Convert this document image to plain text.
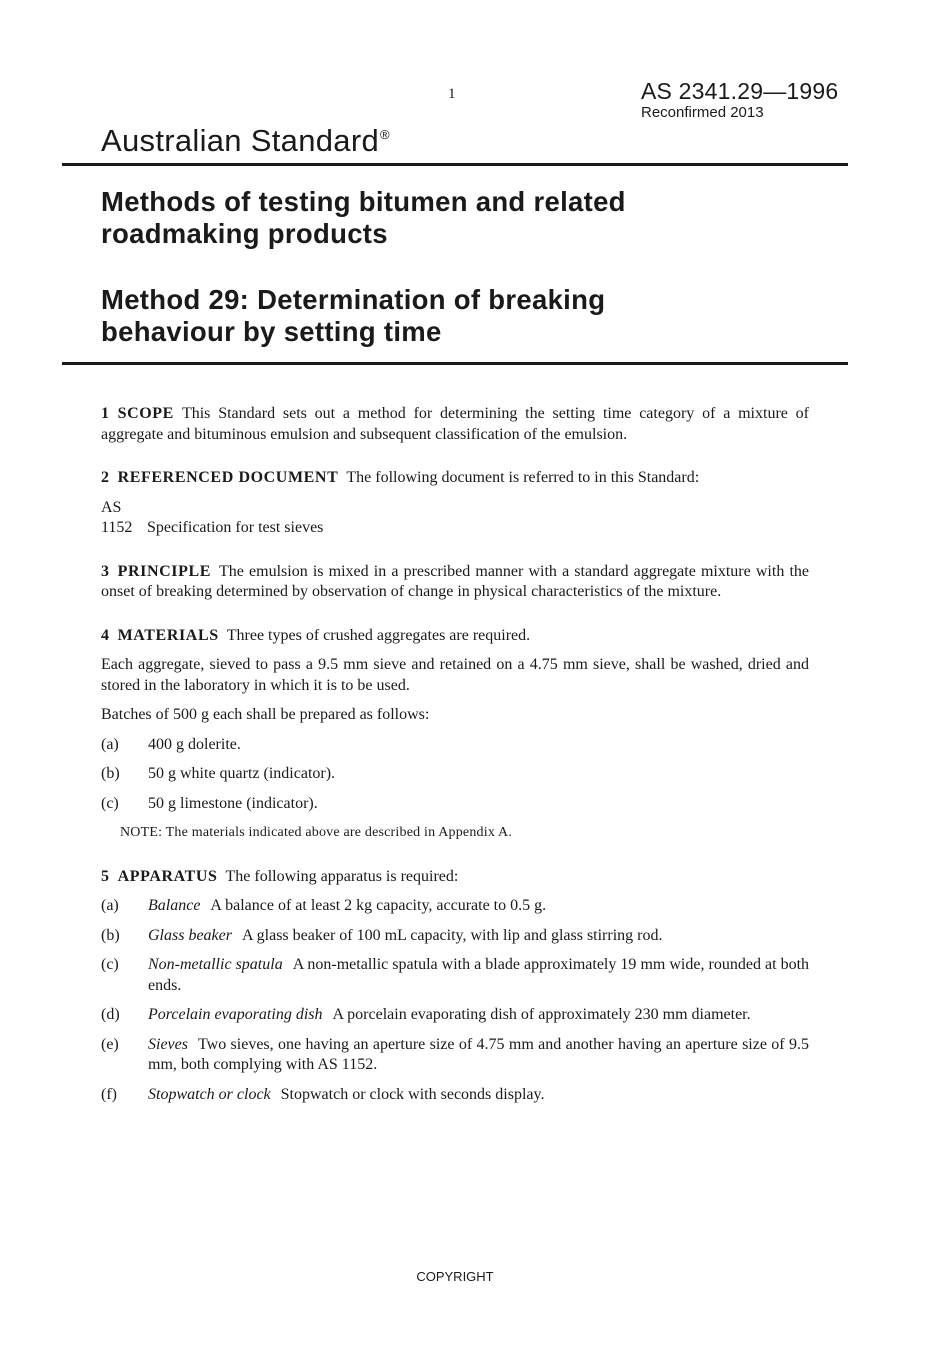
1	AS 2341.29—1996
Reconfirmed 2013
Australian Standard®
Methods of testing bitumen and related
roadmaking products
Method 29: Determination of breaking
behaviour by setting time

1 SCOPE This Standard sets out a method for determining the setting time category of a mixture of aggregate and bituminous emulsion and subsequent classification of the emulsion.

2 REFERENCED DOCUMENT The following document is referred to in this Standard:

AS
1152 Specification for test sieves

3 PRINCIPLE The emulsion is mixed in a prescribed manner with a standard aggregate mixture with the onset of breaking determined by observation of change in physical characteristics of the mixture.

4 MATERIALS Three types of crushed aggregates are required.

Each aggregate, sieved to pass a 9.5 mm sieve and retained on a 4.75 mm sieve, shall be washed, dried and stored in the laboratory in which it is to be used.

Batches of 500 g each shall be prepared as follows:

(a)	400 g dolerite.
(b)	50 g white quartz (indicator).
(c)	50 g limestone (indicator).
NOTE: The materials indicated above are described in Appendix A.

5 APPARATUS The following apparatus is required:

(a)	Balance A balance of at least 2 kg capacity, accurate to 0.5 g.
(b)	Glass beaker A glass beaker of 100 mL capacity, with lip and glass stirring rod.
(c)	Non-metallic spatula A non-metallic spatula with a blade approximately 19 mm wide, rounded at both ends.
(d)	Porcelain evaporating dish A porcelain evaporating dish of approximately 230 mm diameter.
(e)	Sieves Two sieves, one having an aperture size of 4.75 mm and another having an aperture size of 9.5 mm, both complying with AS 1152.
(f)	Stopwatch or clock Stopwatch or clock with seconds display.
COPYRIGHT
